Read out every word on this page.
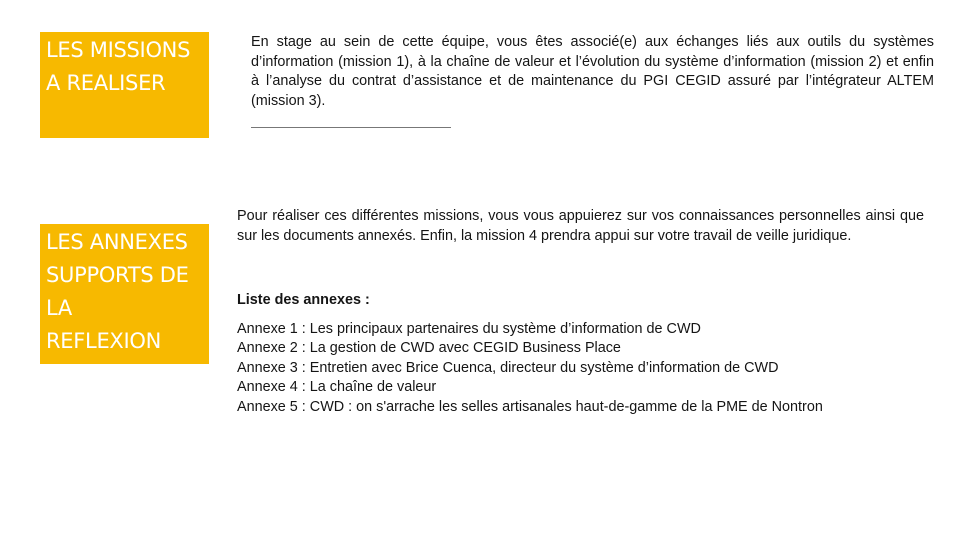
LES MISSIONS
A REALISER

En stage au sein de cette équipe, vous êtes associé(e) aux échanges liés aux outils du systèmes d’information (mission 1), à la chaîne de valeur et l’évolution du système d’information (mission 2) et enfin à l’analyse du contrat d’assistance et de maintenance du PGI CEGID assuré par l’intégrateur ALTEM (mission 3).

LES ANNEXES
SUPPORTS DE
LA
REFLEXION

Pour réaliser ces différentes missions, vous vous appuierez sur vos connaissances personnelles ainsi que sur les documents annexés. Enfin, la mission 4 prendra appui sur votre travail de veille juridique.

Liste des annexes :
Annexe 1 : Les principaux partenaires du système d’information de CWD
Annexe 2 : La gestion de CWD avec CEGID Business Place
Annexe 3 : Entretien avec Brice Cuenca, directeur du système d’information de CWD
Annexe 4 : La chaîne de valeur
Annexe 5 : CWD : on s'arrache les selles artisanales haut-de-gamme de la PME de Nontron
